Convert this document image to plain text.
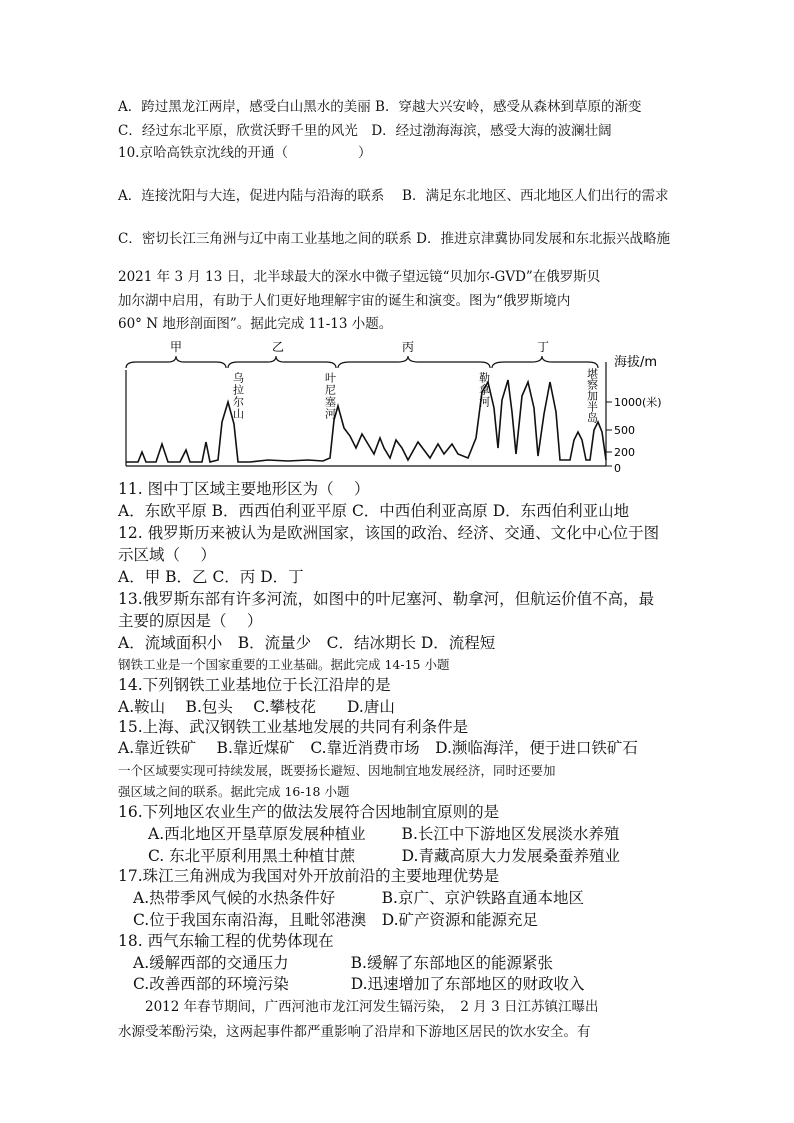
A．跨过黑龙江两岸，感受白山黑水的美丽 B．穿越大兴安岭，感受从森林到草原的渐变
C．经过东北平原，欣赏沃野千里的风光　D．经过渤海海滨，感受大海的波澜壮阔
10.京哈高铁京沈线的开通（	）
A．连接沈阳与大连，促进内陆与沿海的联系　 B．满足东北地区、西北地区人们出行的需求
C．密切长江三角洲与辽中南工业基地之间的联系 D．推进京津冀协同发展和东北振兴战略施
2021 年 3 月 13 日，北半球最大的深水中微子望远镜“贝加尔-GVD”在俄罗斯贝
加尔湖中启用，有助于人们更好地理解宇宙的诞生和演变。图为“俄罗斯境内
60° N 地形剖面图”。据此完成 11-13 小题。
甲	乙	丙	丁
海拔/m
1000(米)
500
200
0
乌拉尔山	叶尼塞河	勒拿河	堪察加半岛
11. 图中丁区域主要地形区为（　 ）
A．东欧平原 B．西西伯利亚平原 C．中西伯利亚高原 D．东西伯利亚山地
12. 俄罗斯历来被认为是欧洲国家，该国的政治、经济、交通、文化中心位于图
示区域（　 ）
A．甲 B．乙 C．丙 D．丁
13.俄罗斯东部有许多河流，如图中的叶尼塞河、勒拿河，但航运价值不高，最
主要的原因是（　 ）
A．流域面积小　B．流量少　C．结冰期长 D．流程短
钢铁工业是一个国家重要的工业基础。据此完成 14-15 小题
14.下列钢铁工业基地位于长江沿岸的是
A.鞍山　 B.包头　 C.攀枝花　　D.唐山
15.上海、武汉钢铁工业基地发展的共同有利条件是
A.靠近铁矿　 B.靠近煤矿　C.靠近消费市场　D.濒临海洋，便于进口铁矿石
一个区域要实现可持续发展，既要扬长避短、因地制宜地发展经济，同时还要加
强区域之间的联系。据此完成 16-18 小题
16.下列地区农业生产的做法发展符合因地制宜原则的是
A.西北地区开垦草原发展种植业　　 B.长江中下游地区发展淡水养殖
C. 东北平原利用黑土种植甘蔗　　　D.青藏高原大力发展桑蚕养殖业
17.珠江三角洲成为我国对外开放前沿的主要地理优势是
A.热带季风气候的水热条件好　　　B.京广、京沪铁路直通本地区
C.位于我国东南沿海，且毗邻港澳　D.矿产资源和能源充足
18. 西气东输工程的优势体现在
A.缓解西部的交通压力　　　　B.缓解了东部地区的能源紧张
C.改善西部的环境污染　　　　D.迅速增加了东部地区的财政收入
　　2012 年春节期间，广西河池市龙江河发生镉污染，　2 月 3 日江苏镇江曝出
水源受苯酚污染，这两起事件都严重影响了沿岸和下游地区居民的饮水安全。有
